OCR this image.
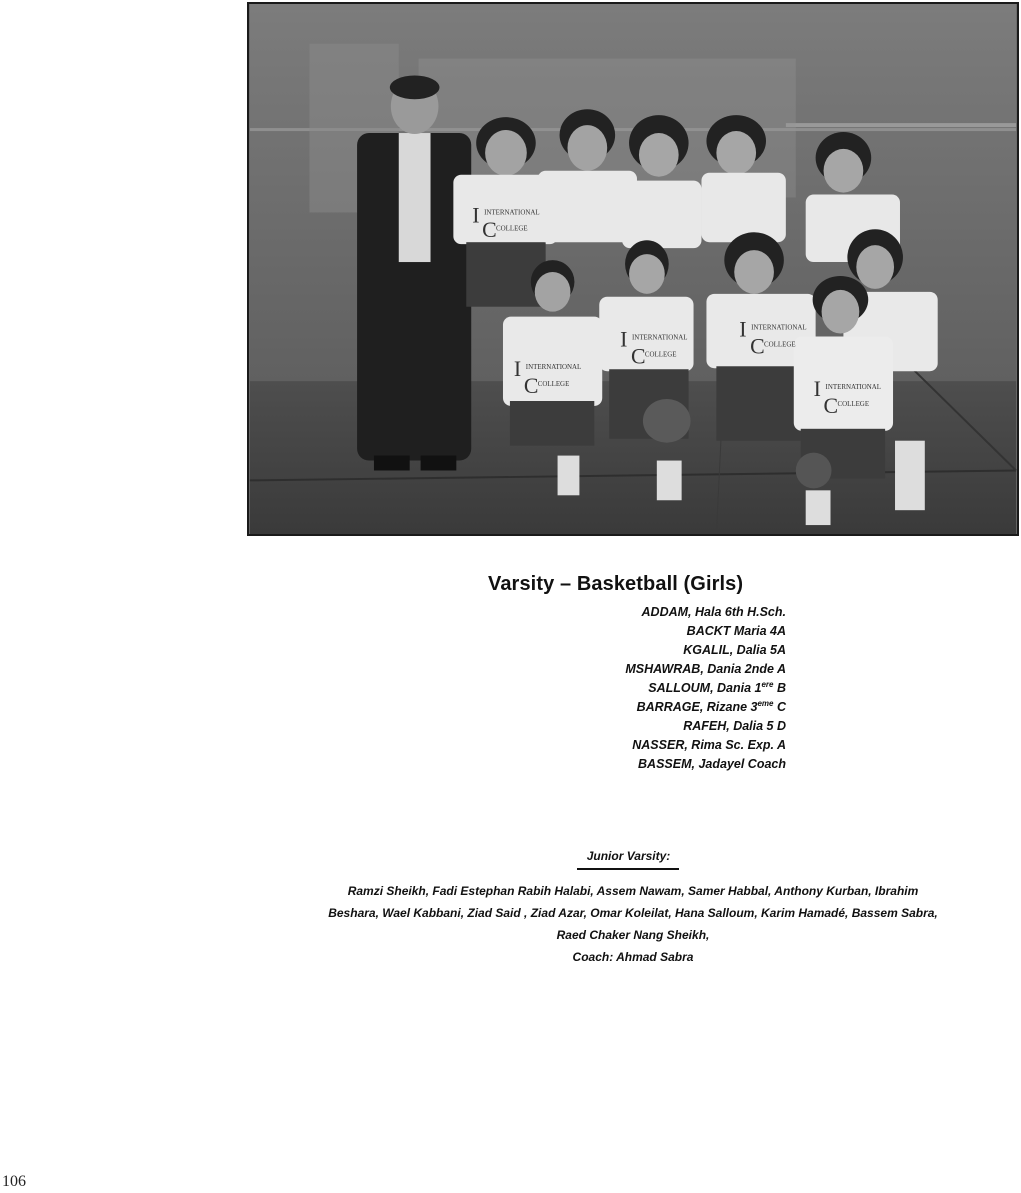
I INTERNATIONAL
C COLLEGE
I INTERNATIONAL
C COLLEGE
I INTERNATIONAL
C COLLEGE
I INTERNATIONAL
C COLLEGE
I INTERNATIONAL
C COLLEGE
Varsity – Basketball (Girls)
ADDAM, Hala 6th H.Sch.
BACKT Maria 4A
KGALIL, Dalia 5A
MSHAWRAB, Dania 2nde A
SALLOUM, Dania 1ere B
BARRAGE, Rizane 3eme C
RAFEH, Dalia 5 D
NASSER, Rima Sc. Exp. A
BASSEM, Jadayel Coach
Junior Varsity:
Ramzi Sheikh, Fadi Estephan Rabih Halabi, Assem Nawam, Samer Habbal, Anthony Kurban, Ibrahim
Beshara, Wael Kabbani, Ziad Said , Ziad Azar, Omar Koleilat, Hana Salloum, Karim Hamadé, Bassem Sabra,
Raed Chaker Nang Sheikh,
Coach: Ahmad Sabra
106
